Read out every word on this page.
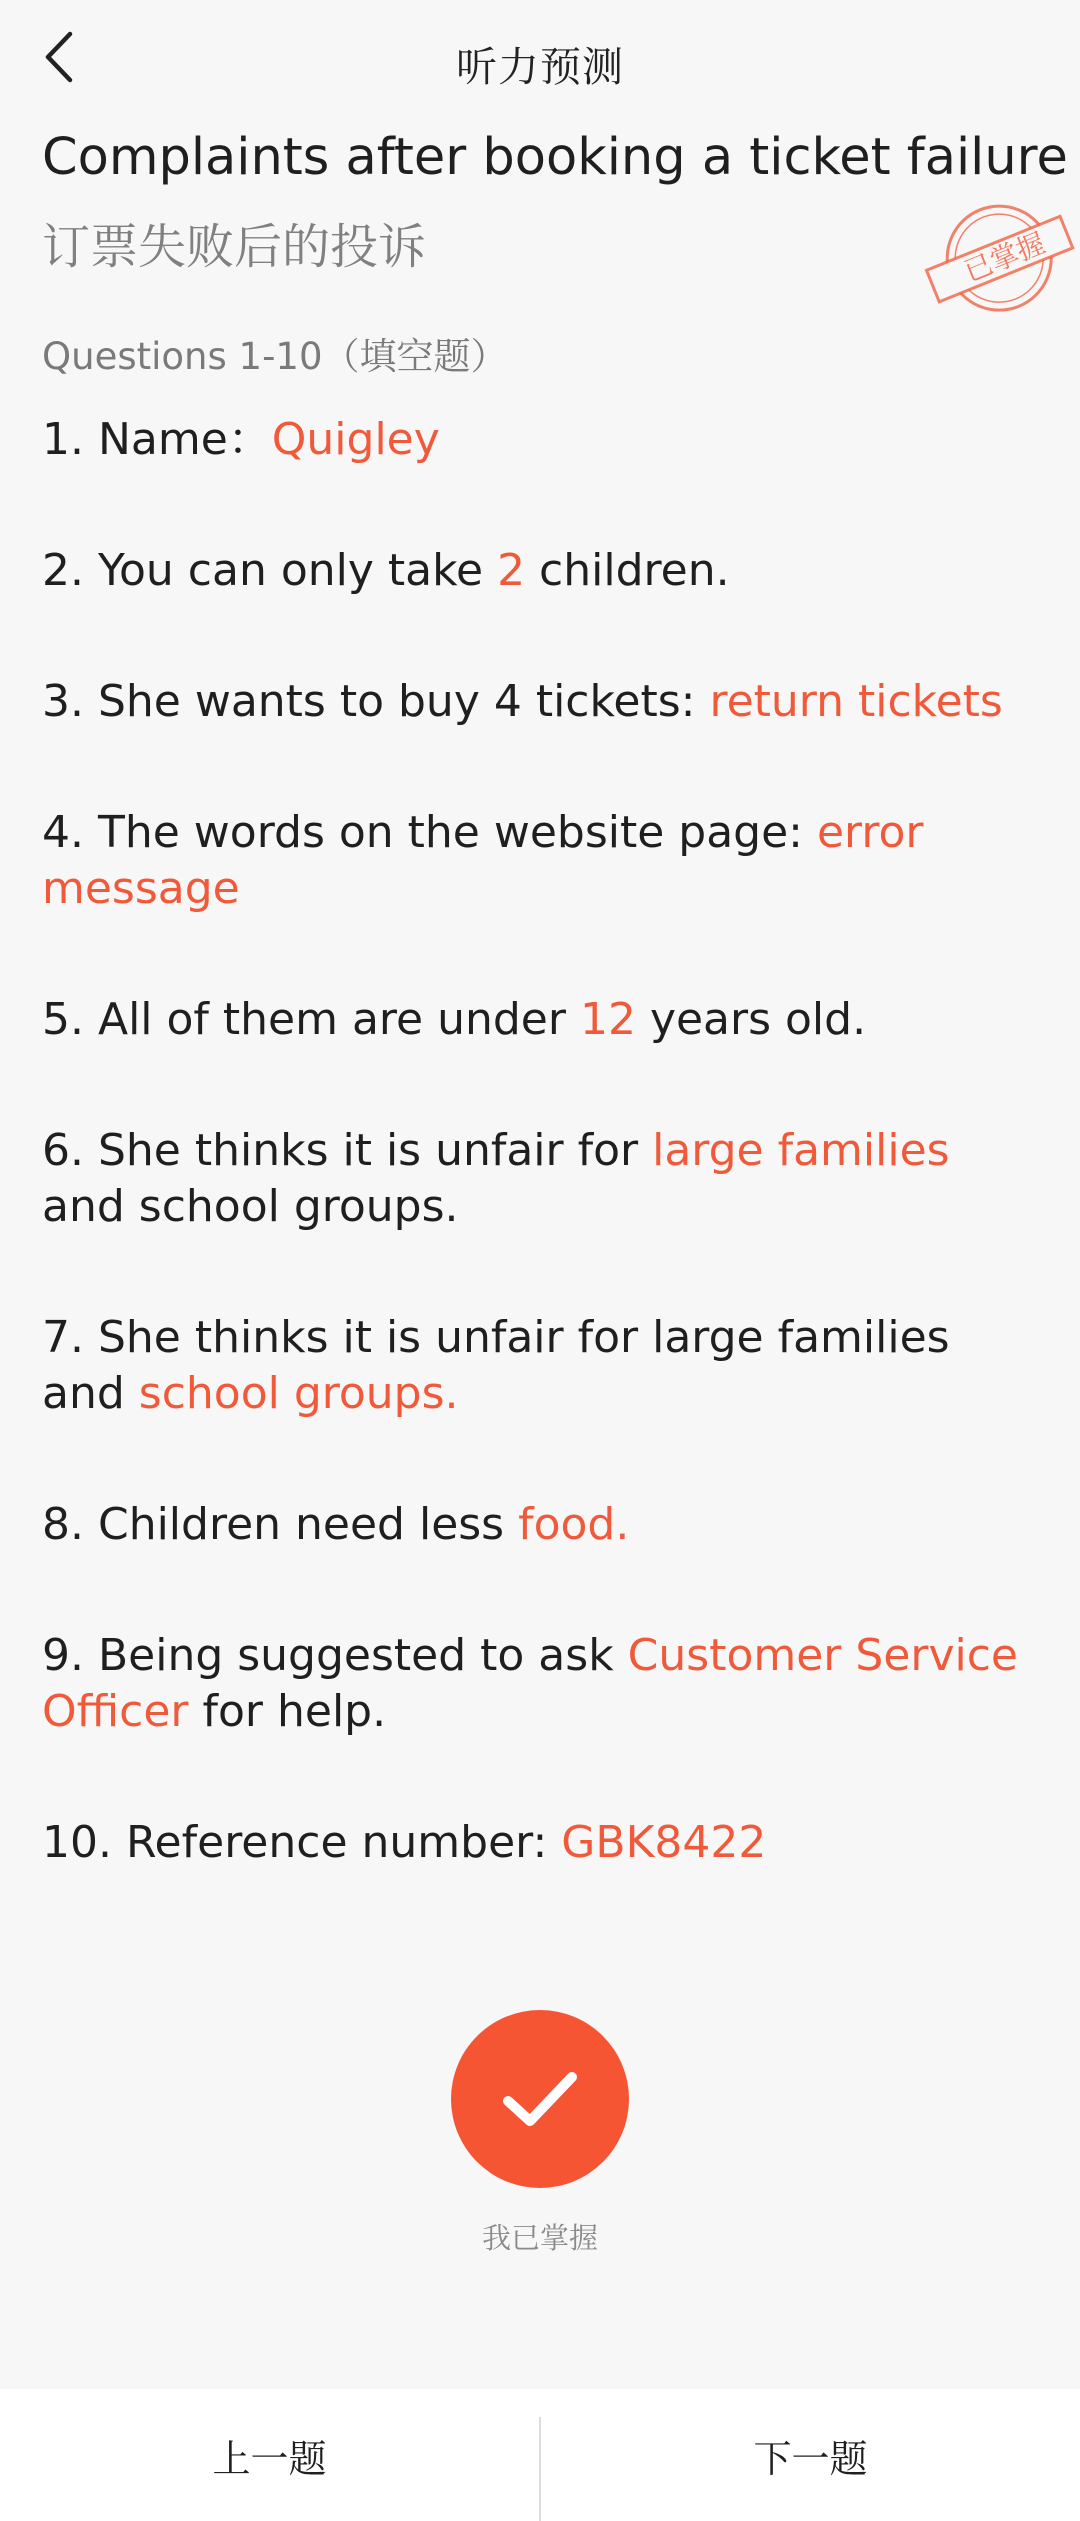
听力预测
Complaints after booking a ticket failure
订票失败后的投诉	已掌握
Questions 1-10（填空题）

1. Name：Quigley

2. You can only take 2 children.

3. She wants to buy 4 tickets: return tickets

4. The words on the website page: error message

5. All of them are under 12 years old.

6. She thinks it is unfair for large families and school groups.

7. She thinks it is unfair for large families and school groups.

8. Children need less food.

9. Being suggested to ask Customer Service Officer for help.

10. Reference number: GBK8422

我已掌握
上一题	下一题
